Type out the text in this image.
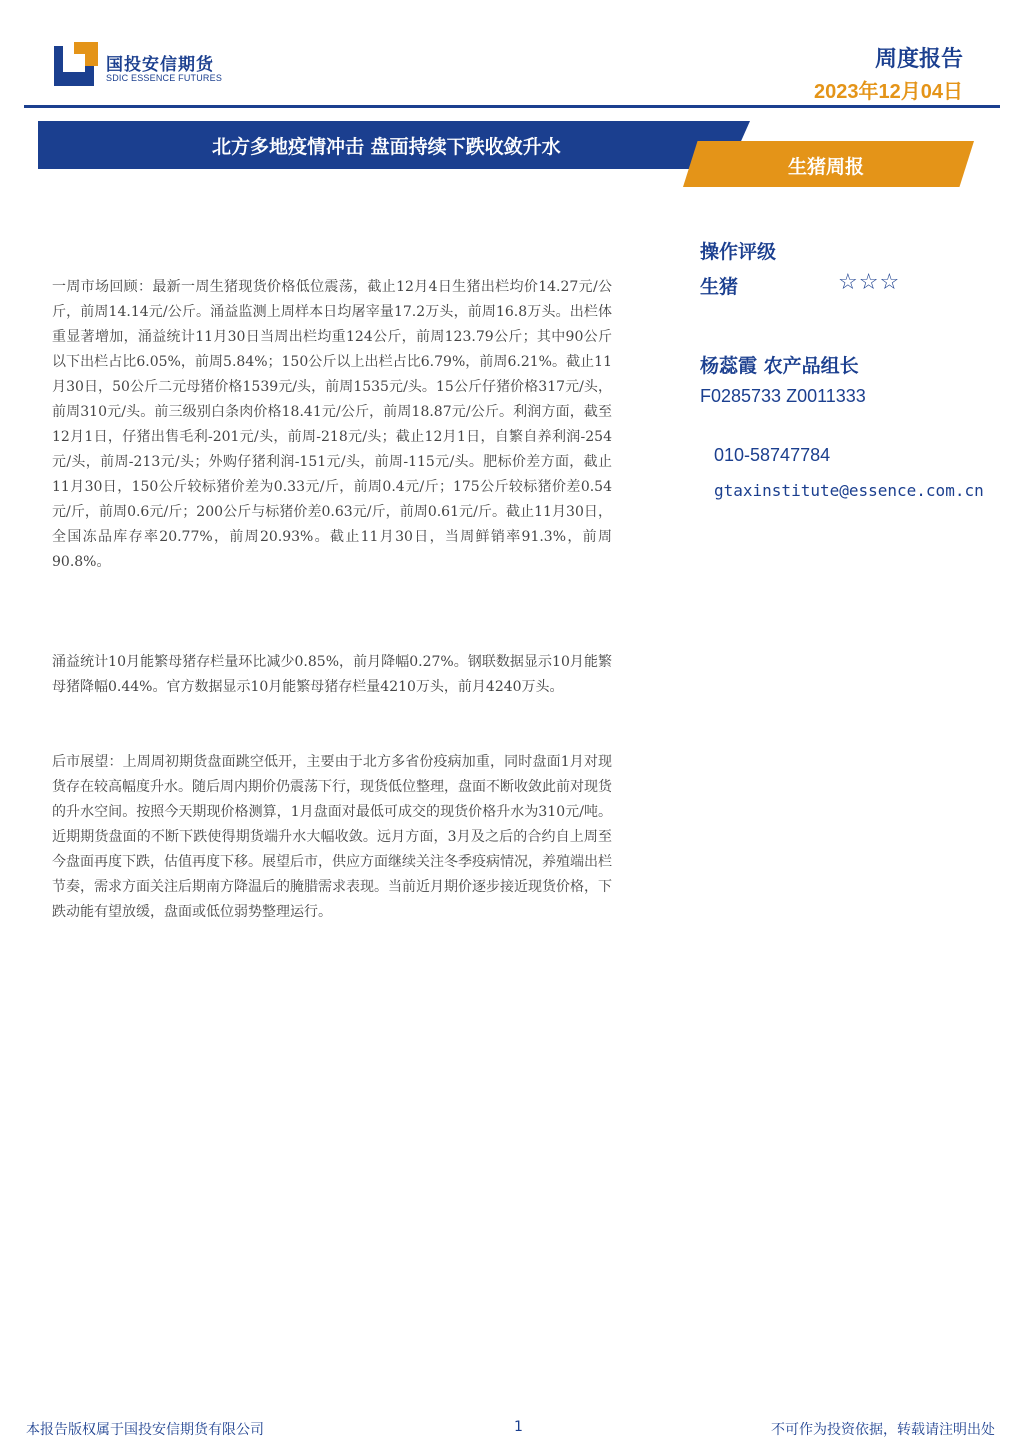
国投安信期货
SDIC ESSENCE FUTURES
周度报告
2023年12月04日
北方多地疫情冲击 盘面持续下跌收敛升水
生猪周报

一周市场回顾：最新一周生猪现货价格低位震荡，截止12月4日生猪出栏均价14.27元/公斤，前周14.14元/公斤。涌益监测上周样本日均屠宰量17.2万头，前周16.8万头。出栏体重显著增加，涌益统计11月30日当周出栏均重124公斤，前周123.79公斤；其中90公斤以下出栏占比6.05%，前周5.84%；150公斤以上出栏占比6.79%，前周6.21%。截止11月30日，50公斤二元母猪价格1539元/头，前周1535元/头。15公斤仔猪价格317元/头，前周310元/头。前三级别白条肉价格18.41元/公斤，前周18.87元/公斤。利润方面，截至12月1日，仔猪出售毛利-201元/头，前周-218元/头；截止12月1日，自繁自养利润-254元/头，前周-213元/头；外购仔猪利润-151元/头，前周-115元/头。肥标价差方面，截止11月30日，150公斤较标猪价差为0.33元/斤，前周0.4元/斤；175公斤较标猪价差0.54元/斤，前周0.6元/斤；200公斤与标猪价差0.63元/斤，前周0.61元/斤。截止11月30日，全国冻品库存率20.77%，前周20.93%。截止11月30日，当周鲜销率91.3%，前周90.8%。

涌益统计10月能繁母猪存栏量环比减少0.85%，前月降幅0.27%。钢联数据显示10月能繁母猪降幅0.44%。官方数据显示10月能繁母猪存栏量4210万头，前月4240万头。

后市展望：上周周初期货盘面跳空低开，主要由于北方多省份疫病加重，同时盘面1月对现货存在较高幅度升水。随后周内期价仍震荡下行，现货低位整理，盘面不断收敛此前对现货的升水空间。按照今天期现价格测算，1月盘面对最低可成交的现货价格升水为310元/吨。近期期货盘面的不断下跌使得期货端升水大幅收敛。远月方面，3月及之后的合约自上周至今盘面再度下跌，估值再度下移。展望后市，供应方面继续关注冬季疫病情况，养殖端出栏节奏，需求方面关注后期南方降温后的腌腊需求表现。当前近月期价逐步接近现货价格，下跌动能有望放缓，盘面或低位弱势整理运行。

操作评级
生猪	☆☆☆
杨蕊霞 农产品组长
F0285733 Z0011333
010-58747784
gtaxinstitute@essence.com.cn
本报告版权属于国投安信期货有限公司	1	不可作为投资依据，转载请注明出处
